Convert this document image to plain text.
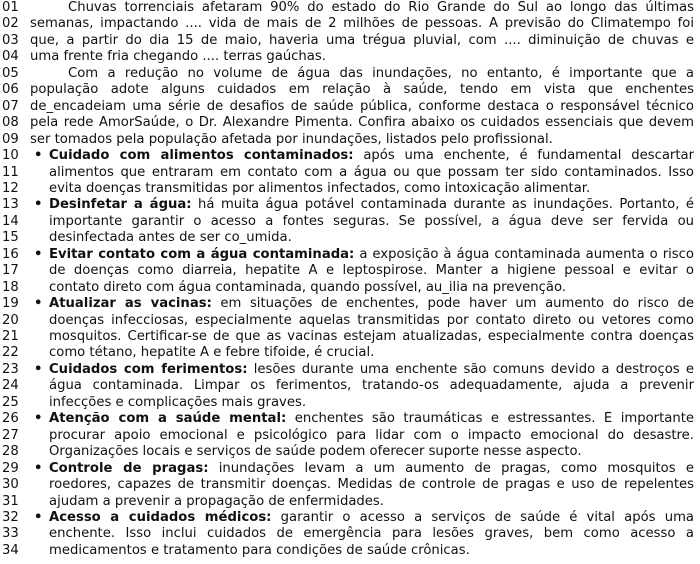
01	Chuvas torrenciais afetaram 90% do estado do Rio Grande do Sul ao longo das últimas
02 semanas, impactando .... vida de mais de 2 milhões de pessoas. A previsão do Climatempo foi
03 que, a partir do dia 15 de maio, haveria uma trégua pluvial, com .... diminuição de chuvas e
04 uma frente fria chegando .... terras gaúchas.
05	Com a redução no volume de água das inundações, no entanto, é importante que a
06 população adote alguns cuidados em relação à saúde, tendo em vista que enchentes
07 de_encadeiam uma série de desafios de saúde pública, conforme destaca o responsável técnico
08 pela rede AmorSaúde, o Dr. Alexandre Pimenta. Confira abaixo os cuidados essenciais que devem
09 ser tomados pela população afetada por inundações, listados pelo profissional.
10 • Cuidado com alimentos contaminados: após uma enchente, é fundamental descartar
11 alimentos que entraram em contato com a água ou que possam ter sido contaminados. Isso
12 evita doenças transmitidas por alimentos infectados, como intoxicação alimentar.
13 • Desinfetar a água: há muita água potável contaminada durante as inundações. Portanto, é
14 importante garantir o acesso a fontes seguras. Se possível, a água deve ser fervida ou
15 desinfectada antes de ser co_umida.
16 • Evitar contato com a água contaminada: a exposição à água contaminada aumenta o risco
17 de doenças como diarreia, hepatite A e leptospirose. Manter a higiene pessoal e evitar o
18 contato direto com água contaminada, quando possível, au_ilia na prevenção.
19 • Atualizar as vacinas: em situações de enchentes, pode haver um aumento do risco de
20 doenças infecciosas, especialmente aquelas transmitidas por contato direto ou vetores como
21 mosquitos. Certificar-se de que as vacinas estejam atualizadas, especialmente contra doenças
22 como tétano, hepatite A e febre tifoide, é crucial.
23 • Cuidados com ferimentos: lesões durante uma enchente são comuns devido a destroços e
24 água contaminada. Limpar os ferimentos, tratando-os adequadamente, ajuda a prevenir
25 infecções e complicações mais graves.
26 • Atenção com a saúde mental: enchentes são traumáticas e estressantes. É importante
27 procurar apoio emocional e psicológico para lidar com o impacto emocional do desastre.
28 Organizações locais e serviços de saúde podem oferecer suporte nesse aspecto.
29 • Controle de pragas: inundações levam a um aumento de pragas, como mosquitos e
30 roedores, capazes de transmitir doenças. Medidas de controle de pragas e uso de repelentes
31 ajudam a prevenir a propagação de enfermidades.
32 • Acesso a cuidados médicos: garantir o acesso a serviços de saúde é vital após uma
33 enchente. Isso inclui cuidados de emergência para lesões graves, bem como acesso a
34 medicamentos e tratamento para condições de saúde crônicas.
